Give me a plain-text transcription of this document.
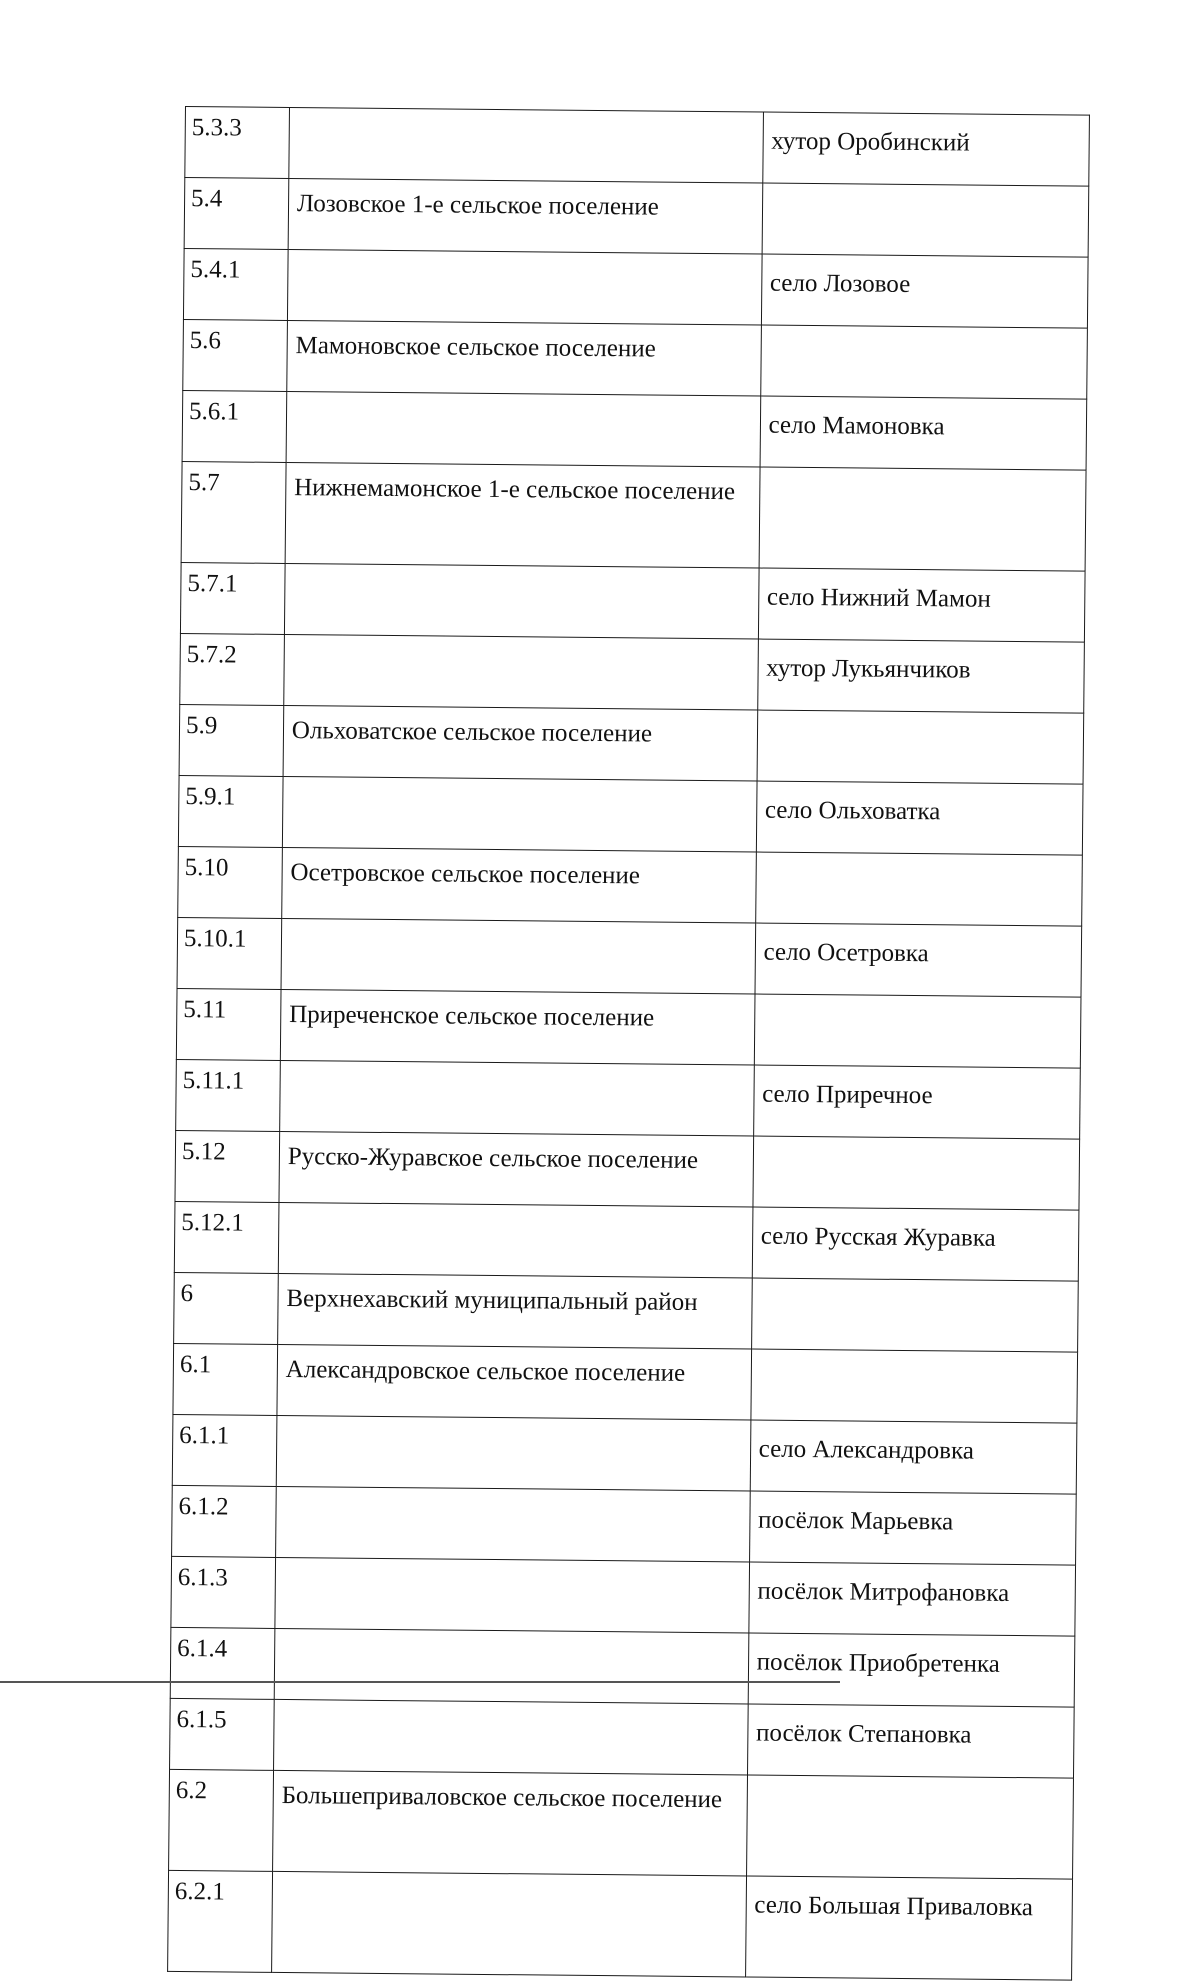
5.3.3		хутор Оробинский
5.4	Лозовское 1-е сельское поселение	
5.4.1		село Лозовое
5.6	Мамоновское сельское поселение	
5.6.1		село Мамоновка
5.7	Нижнемамонское 1-е сельское поселение	
5.7.1		село Нижний Мамон
5.7.2		хутор Лукьянчиков
5.9	Ольховатское сельское поселение	
5.9.1		село Ольховатка
5.10	Осетровское сельское поселение	
5.10.1		село Осетровка
5.11	Приреченское сельское поселение	
5.11.1		село Приречное
5.12	Русско-Журавское сельское поселение	
5.12.1		село Русская Журавка
6	Верхнехавский муниципальный район	
6.1	Александровское сельское поселение	
6.1.1		село Александровка
6.1.2		посёлок Марьевка
6.1.3		посёлок Митрофановка
6.1.4		посёлок Приобретенка
6.1.5		посёлок Степановка
6.2	Большеприваловское сельское поселение	
6.2.1		село Большая Приваловка
